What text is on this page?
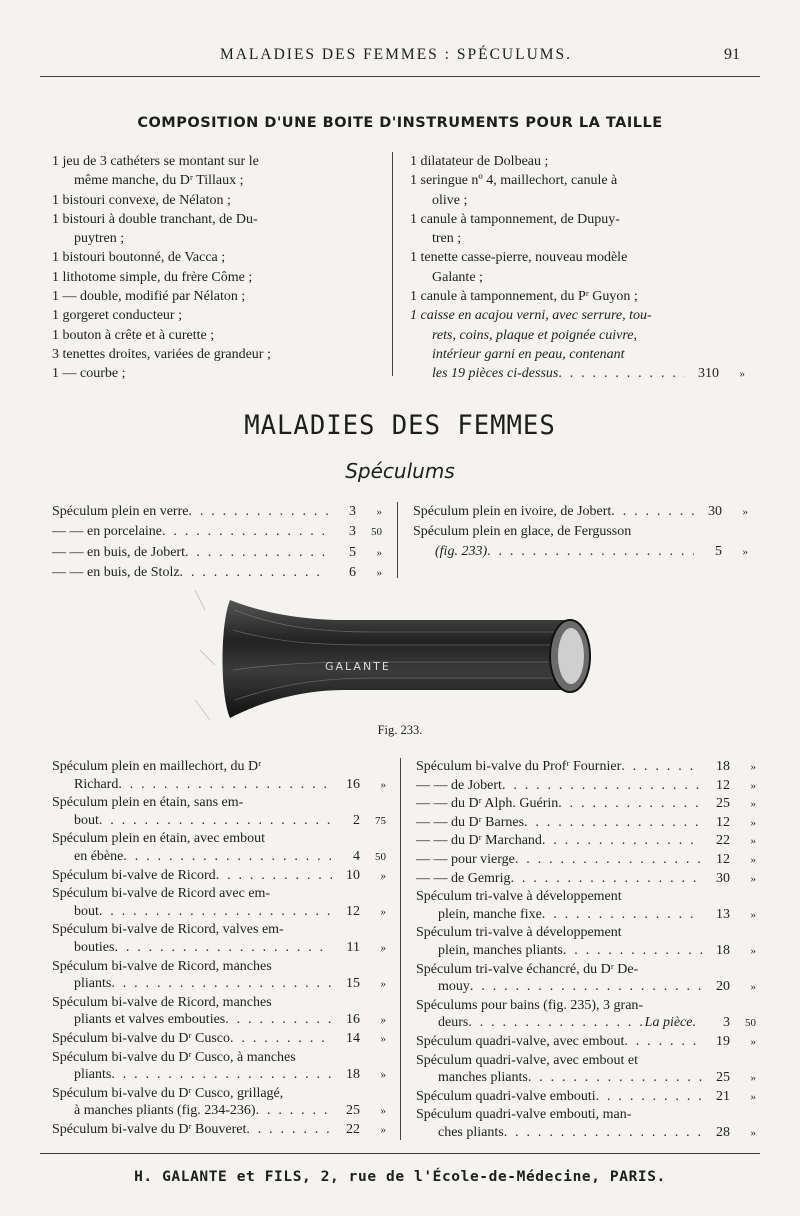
MALADIES DES FEMMES : SPÉCULUMS.	91
COMPOSITION D'UNE BOITE D'INSTRUMENTS POUR LA TAILLE
1 jeu de 3 cathéters se montant sur le
même manche, du Dʳ Tillaux ;
1 bistouri convexe, de Nélaton ;
1 bistouri à double tranchant, de Du-
puytren ;
1 bistouri boutonné, de Vacca ;
1 lithotome simple, du frère Côme ;
1 — double, modifié par Nélaton ;
1 gorgeret conducteur ;
1 bouton à crête et à curette ;
3 tenettes droites, variées de grandeur ;
1 — courbe ;
1 dilatateur de Dolbeau ;
1 seringue nº 4, maillechort, canule à
olive ;
1 canule à tamponnement, de Dupuy-
tren ;
1 tenette casse-pierre, nouveau modèle
Galante ;
1 canule à tamponnement, du Pʳ Guyon ;
1 caisse en acajou verni, avec serrure, tou-
rets, coins, plaque et poignée cuivre,
intérieur garni en peau, contenant
les 19 pièces ci-dessus . . .	310	»
MALADIES DES FEMMES
Spéculums
Spéculum plein en verre . . .	3	»
— — en porcelaine . . .	3	50
— — en buis, de Jobert . . .	5	»
— — en buis, de Stolz . . .	6	»
Spéculum plein en ivoire, de Jobert . . .	30	»
Spéculum plein en glace, de Fergusson
(fig. 233) . . .	5	»
GALANTE
Fig. 233.
Spéculum plein en maillechort, du Dʳ
Richard . . .	16	»
Spéculum plein en étain, sans em-
bout . . .	2	75
Spéculum plein en étain, avec embout
en ébène . . .	4	50
Spéculum bi-valve de Ricord . . .	10	»
Spéculum bi-valve de Ricord avec em-
bout . . .	12	»
Spéculum bi-valve de Ricord, valves em-
bouties . . .	11	»
Spéculum bi-valve de Ricord, manches
pliants . . .	15	»
Spéculum bi-valve de Ricord, manches
pliants et valves embouties . . .	16	»
Spéculum bi-valve du Dʳ Cusco . . .	14	»
Spéculum bi-valve du Dʳ Cusco, à manches
pliants . . .	18	»
Spéculum bi-valve du Dʳ Cusco, grillagé,
à manches pliants (fig. 234-236) . . .	25	»
Spéculum bi-valve du Dʳ Bouveret . . .	22	»
Spéculum bi-valve du Profʳ Fournier . . .	18	»
— — de Jobert . . .	12	»
— — du Dʳ Alph. Guérin . . .	25	»
— — du Dʳ Barnes . . .	12	»
— — du Dʳ Marchand . . .	22	»
— — pour vierge . . .	12	»
— — de Gemrig . . .	30	»
Spéculum tri-valve à développement
plein, manche fixe . . .	13	»
Spéculum tri-valve à développement
plein, manches pliants . . .	18	»
Spéculum tri-valve échancré, du Dʳ De-
mouy . . .	20	»
Spéculums pour bains (fig. 235), 3 gran-
deurs . . .	La pièce.	3	50
Spéculum quadri-valve, avec embout . . .	19	»
Spéculum quadri-valve, avec embout et
manches pliants . . .	25	»
Spéculum quadri-valve embouti . . .	21	»
Spéculum quadri-valve embouti, man-
ches pliants . . .	28	»
H. GALANTE et FILS, 2, rue de l'École-de-Médecine, PARIS.
